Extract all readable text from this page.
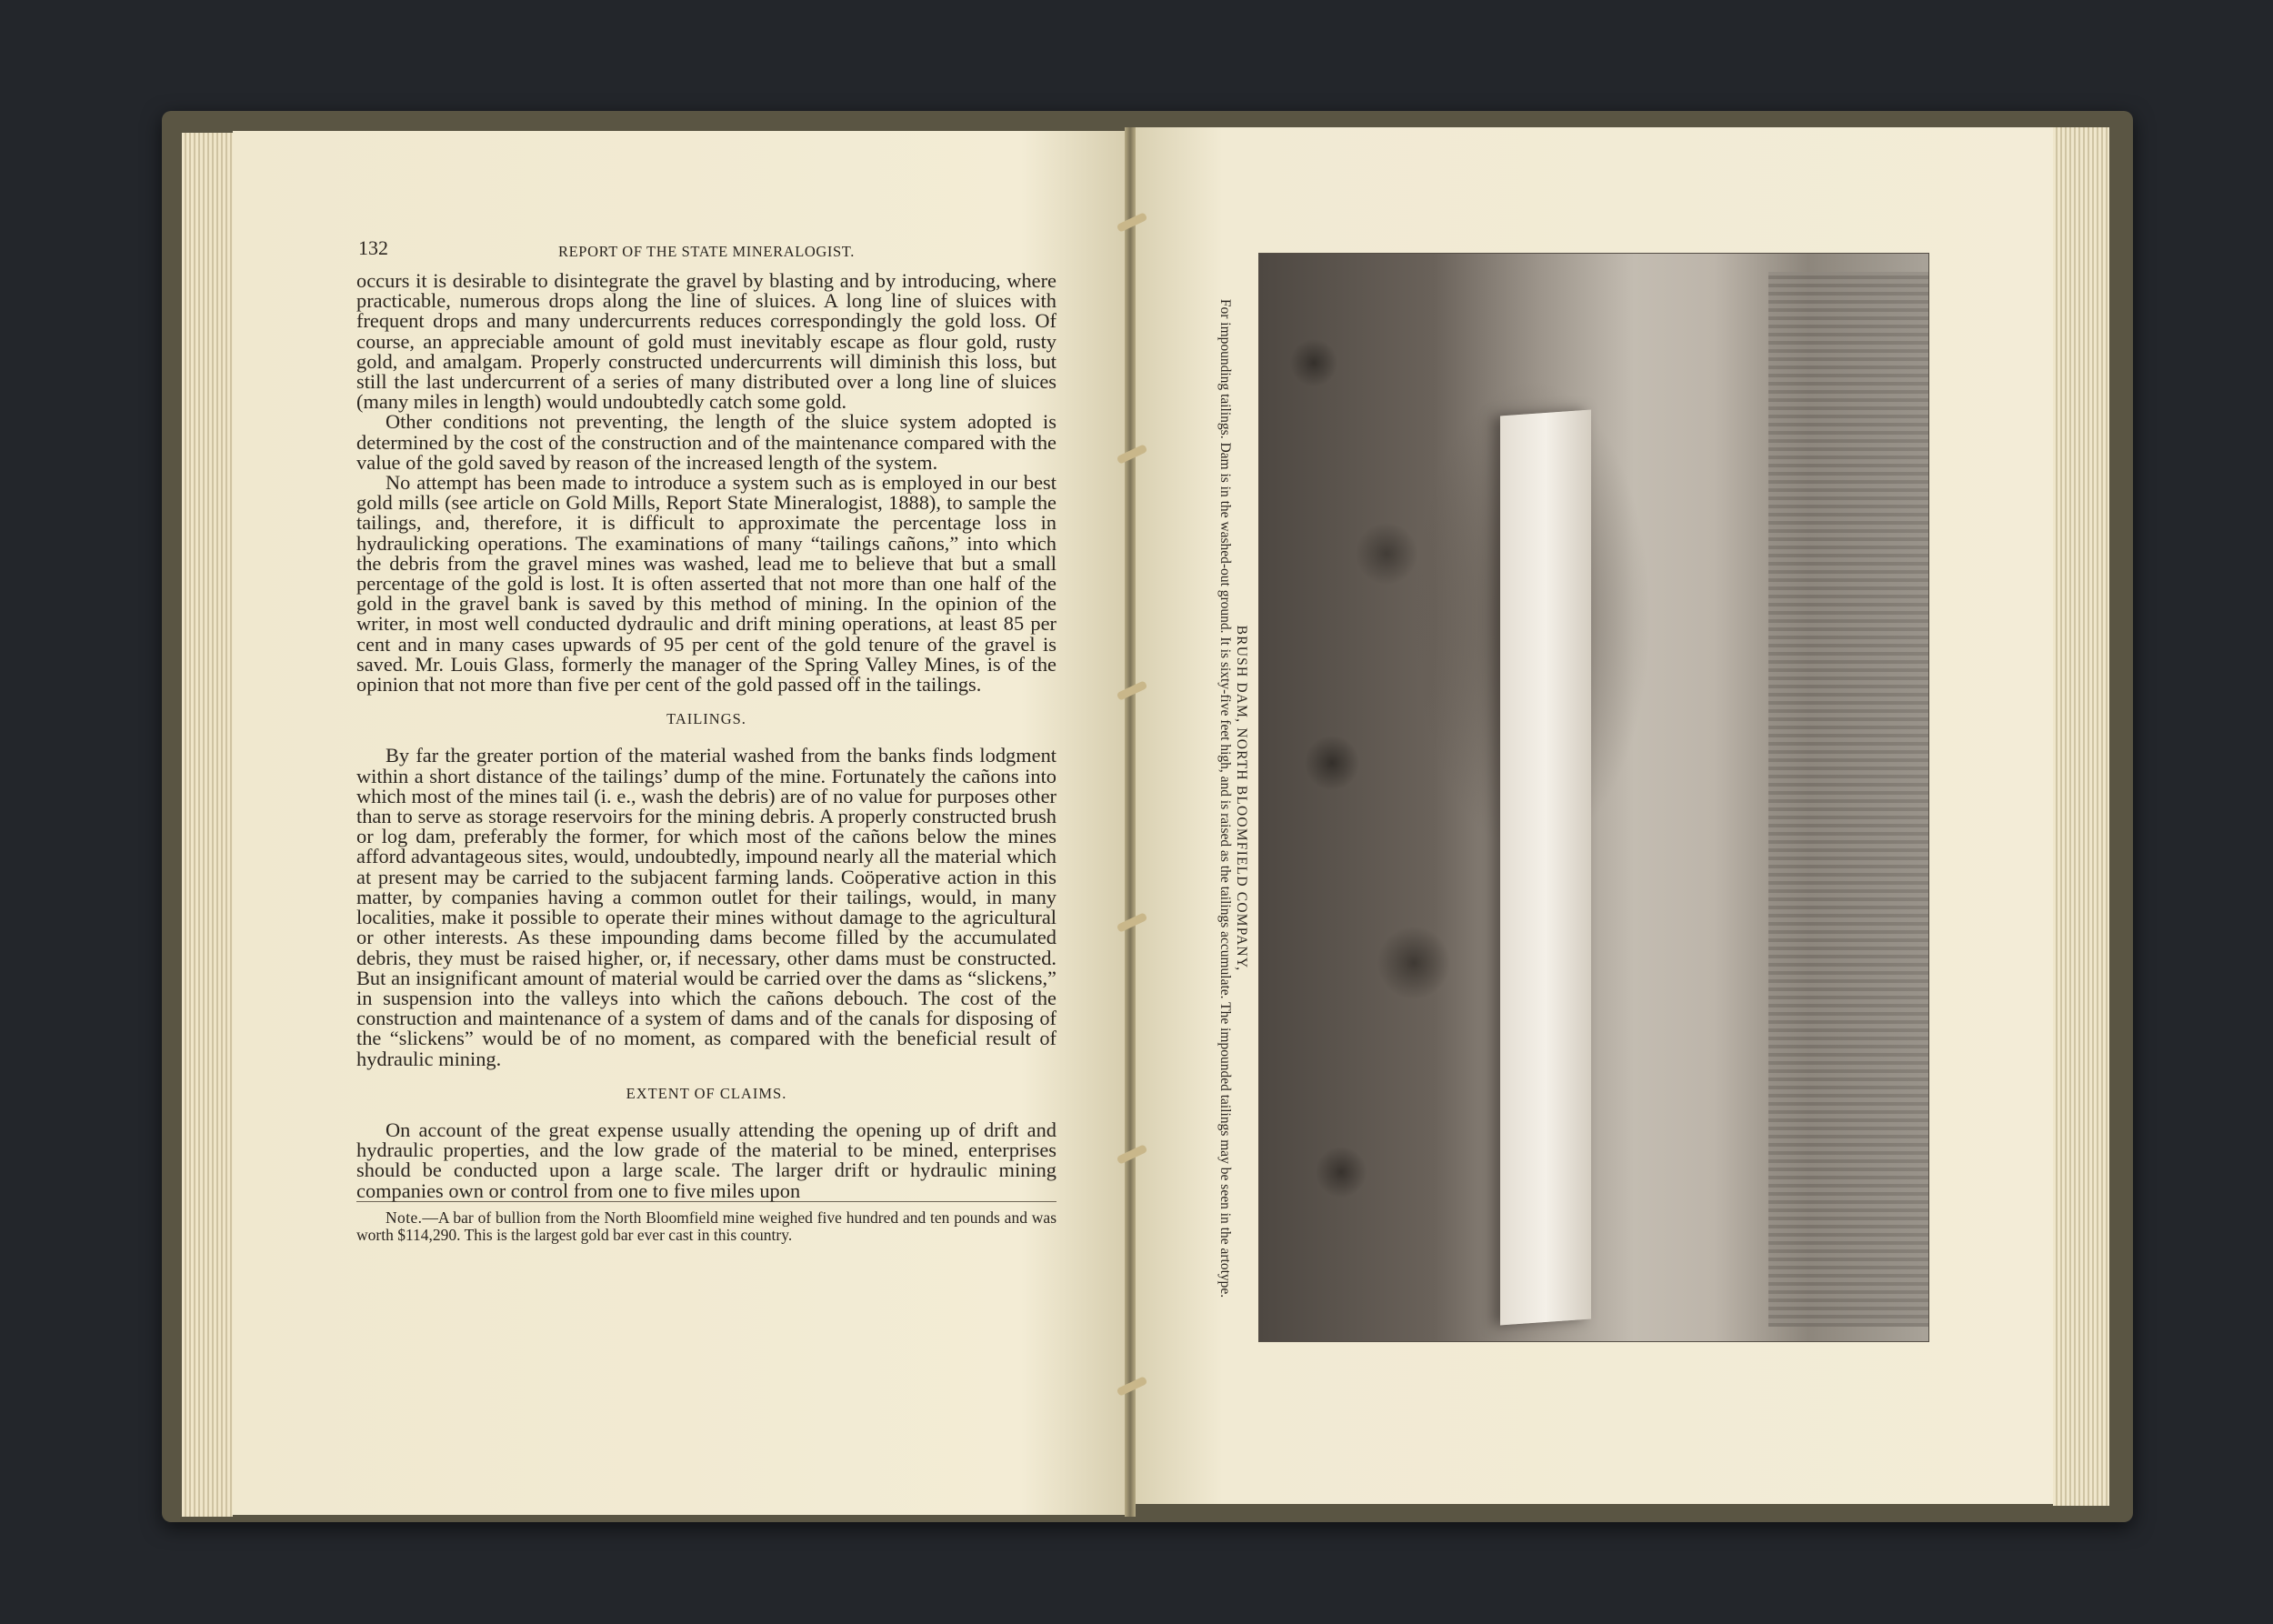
132	REPORT OF THE STATE MINERALOGIST.

occurs it is desirable to disintegrate the gravel by blasting and by introducing, where practicable, numerous drops along the line of sluices. A long line of sluices with frequent drops and many undercurrents reduces correspondingly the gold loss. Of course, an appreciable amount of gold must inevitably escape as flour gold, rusty gold, and amalgam. Properly constructed undercurrents will diminish this loss, but still the last undercurrent of a series of many distributed over a long line of sluices (many miles in length) would undoubtedly catch some gold.

Other conditions not preventing, the length of the sluice system adopted is determined by the cost of the construction and of the maintenance compared with the value of the gold saved by reason of the increased length of the system.

No attempt has been made to introduce a system such as is employed in our best gold mills (see article on Gold Mills, Report State Mineralogist, 1888), to sample the tailings, and, therefore, it is difficult to approximate the percentage loss in hydraulicking operations. The examinations of many “tailings cañons,” into which the debris from the gravel mines was washed, lead me to believe that but a small percentage of the gold is lost. It is often asserted that not more than one half of the gold in the gravel bank is saved by this method of mining. In the opinion of the writer, in most well conducted dydraulic and drift mining operations, at least 85 per cent and in many cases upwards of 95 per cent of the gold tenure of the gravel is saved. Mr. Louis Glass, formerly the manager of the Spring Valley Mines, is of the opinion that not more than five per cent of the gold passed off in the tailings.

TAILINGS.

By far the greater portion of the material washed from the banks finds lodgment within a short distance of the tailings’ dump of the mine. Fortunately the cañons into which most of the mines tail (i. e., wash the debris) are of no value for purposes other than to serve as storage reservoirs for the mining debris. A properly constructed brush or log dam, preferably the former, for which most of the cañons below the mines afford advantageous sites, would, undoubtedly, impound nearly all the material which at present may be carried to the subjacent farming lands. Coöperative action in this matter, by companies having a common outlet for their tailings, would, in many localities, make it possible to operate their mines without damage to the agricultural or other interests. As these impounding dams become filled by the accumulated debris, they must be raised higher, or, if necessary, other dams must be constructed. But an insignificant amount of material would be carried over the dams as “slickens,” in suspension into the valleys into which the cañons debouch. The cost of the construction and maintenance of a system of dams and of the canals for disposing of the “slickens” would be of no moment, as compared with the beneficial result of hydraulic mining.

EXTENT OF CLAIMS.

On account of the great expense usually attending the opening up of drift and hydraulic properties, and the low grade of the material to be mined, enterprises should be conducted upon a large scale. The larger drift or hydraulic mining companies own or control from one to five miles upon

Note.—A bar of bullion from the North Bloomfield mine weighed five hundred and ten pounds and was worth $114,290. This is the largest gold bar ever cast in this country.

BRUSH DAM, NORTH BLOOMFIELD COMPANY,
For impounding tailings. Dam is in the washed-out ground. It is sixty-five feet high, and is raised as the tailings accumulate. The impounded tailings may be seen in the artotype.
